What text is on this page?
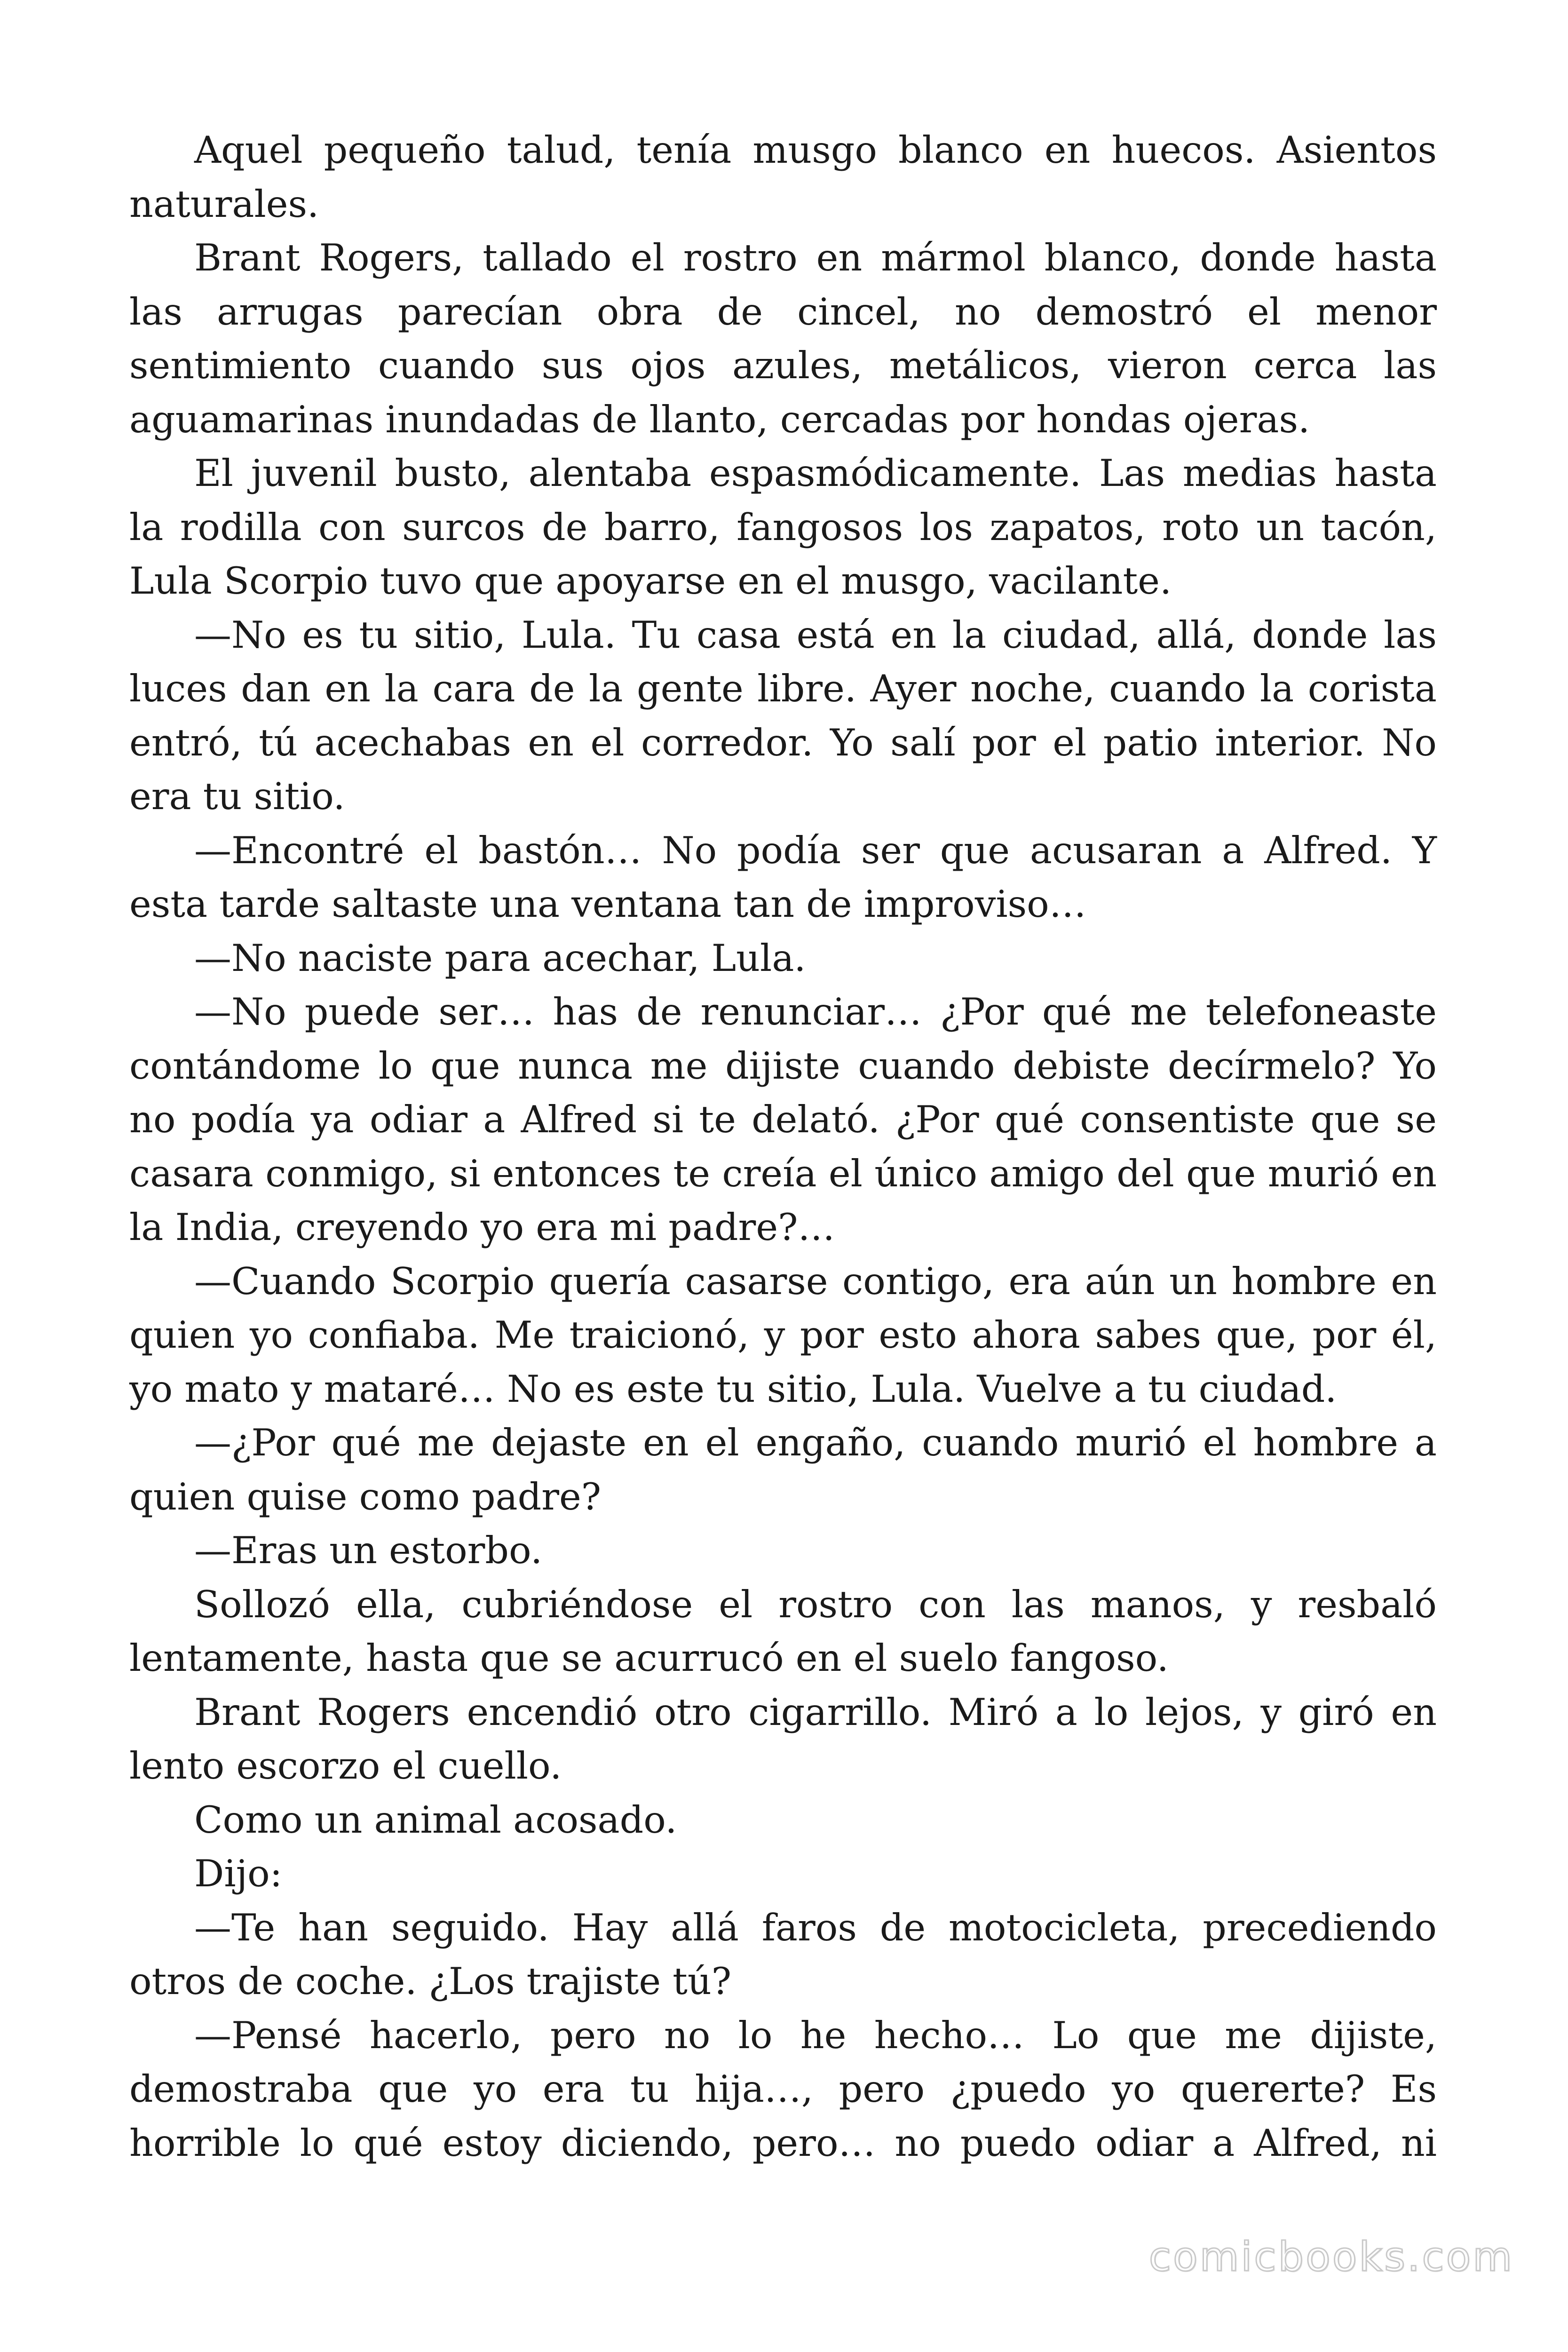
Aquel pequeño talud, tenía musgo blanco en huecos. Asientos naturales.

Brant Rogers, tallado el rostro en mármol blanco, donde hasta las arrugas parecían obra de cincel, no demostró el menor sentimiento cuando sus ojos azules, metálicos, vieron cerca las aguamarinas inundadas de llanto, cercadas por hondas ojeras.

El juvenil busto, alentaba espasmódicamente. Las medias hasta la rodilla con surcos de barro, fangosos los zapatos, roto un tacón, Lula Scorpio tuvo que apoyarse en el musgo, vacilante.

—No es tu sitio, Lula. Tu casa está en la ciudad, allá, donde las luces dan en la cara de la gente libre. Ayer noche, cuando la corista entró, tú acechabas en el corredor. Yo salí por el patio interior. No era tu sitio.

—Encontré el bastón… No podía ser que acusaran a Alfred. Y esta tarde saltaste una ventana tan de improviso…

—No naciste para acechar, Lula.

—No puede ser… has de renunciar… ¿Por qué me telefoneaste contándome lo que nunca me dijiste cuando debiste decírmelo? Yo no podía ya odiar a Alfred si te delató. ¿Por qué consentiste que se casara conmigo, si entonces te creía el único amigo del que murió en la India, creyendo yo era mi padre?…

—Cuando Scorpio quería casarse contigo, era aún un hombre en quien yo confiaba. Me traicionó, y por esto ahora sabes que, por él, yo mato y mataré… No es este tu sitio, Lula. Vuelve a tu ciudad.

—¿Por qué me dejaste en el engaño, cuando murió el hombre a quien quise como padre?

—Eras un estorbo.

Sollozó ella, cubriéndose el rostro con las manos, y resbaló lentamente, hasta que se acurrucó en el suelo fangoso.

Brant Rogers encendió otro cigarrillo. Miró a lo lejos, y giró en lento escorzo el cuello.

Como un animal acosado.

Dijo:

—Te han seguido. Hay allá faros de motocicleta, precediendo otros de coche. ¿Los trajiste tú?

—Pensé hacerlo, pero no lo he hecho… Lo que me dijiste, demostraba que yo era tu hija…, pero ¿puedo yo quererte? Es horrible lo qué estoy diciendo, pero… no puedo odiar a Alfred, ni

comicbooks.com
